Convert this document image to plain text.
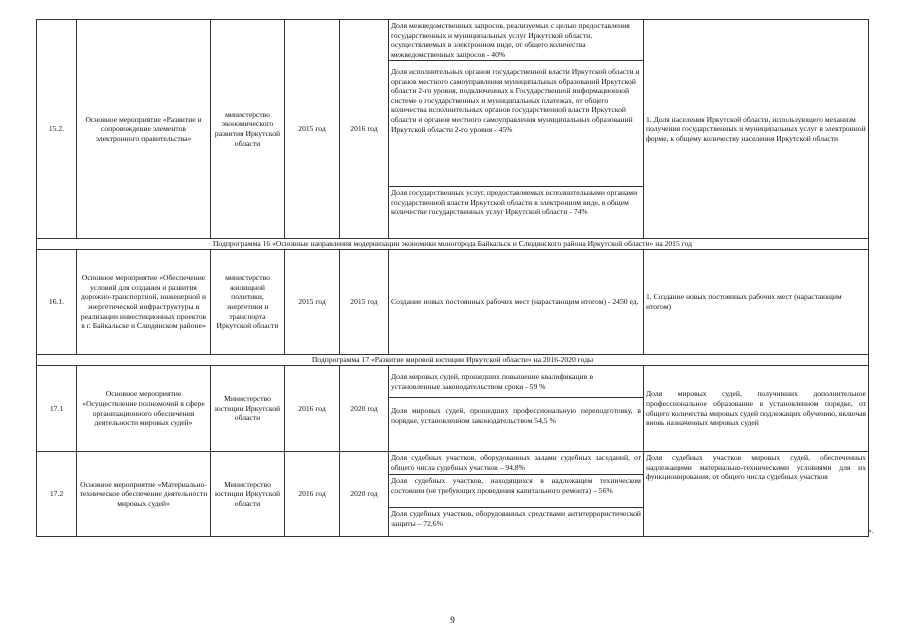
15.2.	Основное мероприятие «Развитие и сопровождение элементов электронного правительства»	министерство экономического развития Иркутской области	2015 год	2016 год	Доля межведомственных запросов, реализуемых с целью предоставления государственных и муниципальных услуг Иркутской области, осуществляемых в электронном виде, от общего количества межведомственных запросов - 40%
Доля исполнительных органов государственной власти Иркутской области и органов местного самоуправления муниципальных образований Иркутской области 2-го уровня, подключенных к Государственной информационной системе о государственных и муниципальных платежах, от общего количества исполнительных органов государственной власти Иркутской области и органов местного самоуправления муниципальных образований Иркутской области 2-го уровня - 45%
Доля государственных услуг, предоставляемых исполнительными органами государственной власти Иркутской области в электронном виде, в общем количестве государственных услуг Иркутской области - 74%	1. Доля населения Иркутской области, использующего механизм получения государственных и муниципальных услуг в электронной форме, к общему количеству населения Иркутской области
Подпрограмма 16 «Основные направления модернизации экономики моногорода Байкальск и Слюдянского района Иркутской области» на 2015 год						
16.1.	Основное мероприятие «Обеспечение условий для создания и развития дорожно-транспортной, инженерной и энергетической инфраструктуры и реализации инвестиционных проектов в г. Байкальске и Слюдянском районе»	министерство жилищной политики, энергетики и транспорта Иркутской области	2015 год	2015 год	Создание новых постоянных рабочих мест (нарастающим итогом) - 2450 ед.	1. Создание новых постоянных рабочих мест (нарастающим итогом)
Подпрограмма 17 «Развитие мировой юстиции Иркутской области» на 2016-2020 годы						
17.1	Основное мероприятие «Осуществление полномочий в сфере организационного обеспечения деятельности мировых судей»	Министерство юстиции Иркутской области	2016 год	2020 год	Доля мировых судей, прошедших повышение квалификации в установленные законодательством сроки - 59 %
Доля мировых судей, прошедших профессиональную переподготовку, в порядке, установленном законодательством 54,5 %	Доля мировых судей, получивших дополнительное профессиональное образование в установленном порядке, от общего количества мировых судей подлежащих обучению, включая вновь назначенных мировых судей
17.2	Основное мероприятие «Материально-техническое обеспечение деятельности мировых судей»	Министерство юстиции Иркутской области	2016 год	2020 год	Доля судебных участков, оборудованных залами судебных заседаний, от общего числа судебных участков – 94,8%
Доля судебных участков, находящихся в надлежащем техническом состоянии (не требующих проведения капитального ремонта) – 56%
Доля судебных участков, оборудованных средствами антитеррористической защиты – 72,6%	Доля судебных участков мировых судей, обеспеченных надлежащими материально-техническими условиями для их функционирования, от общего числа судебных участков
».
9
